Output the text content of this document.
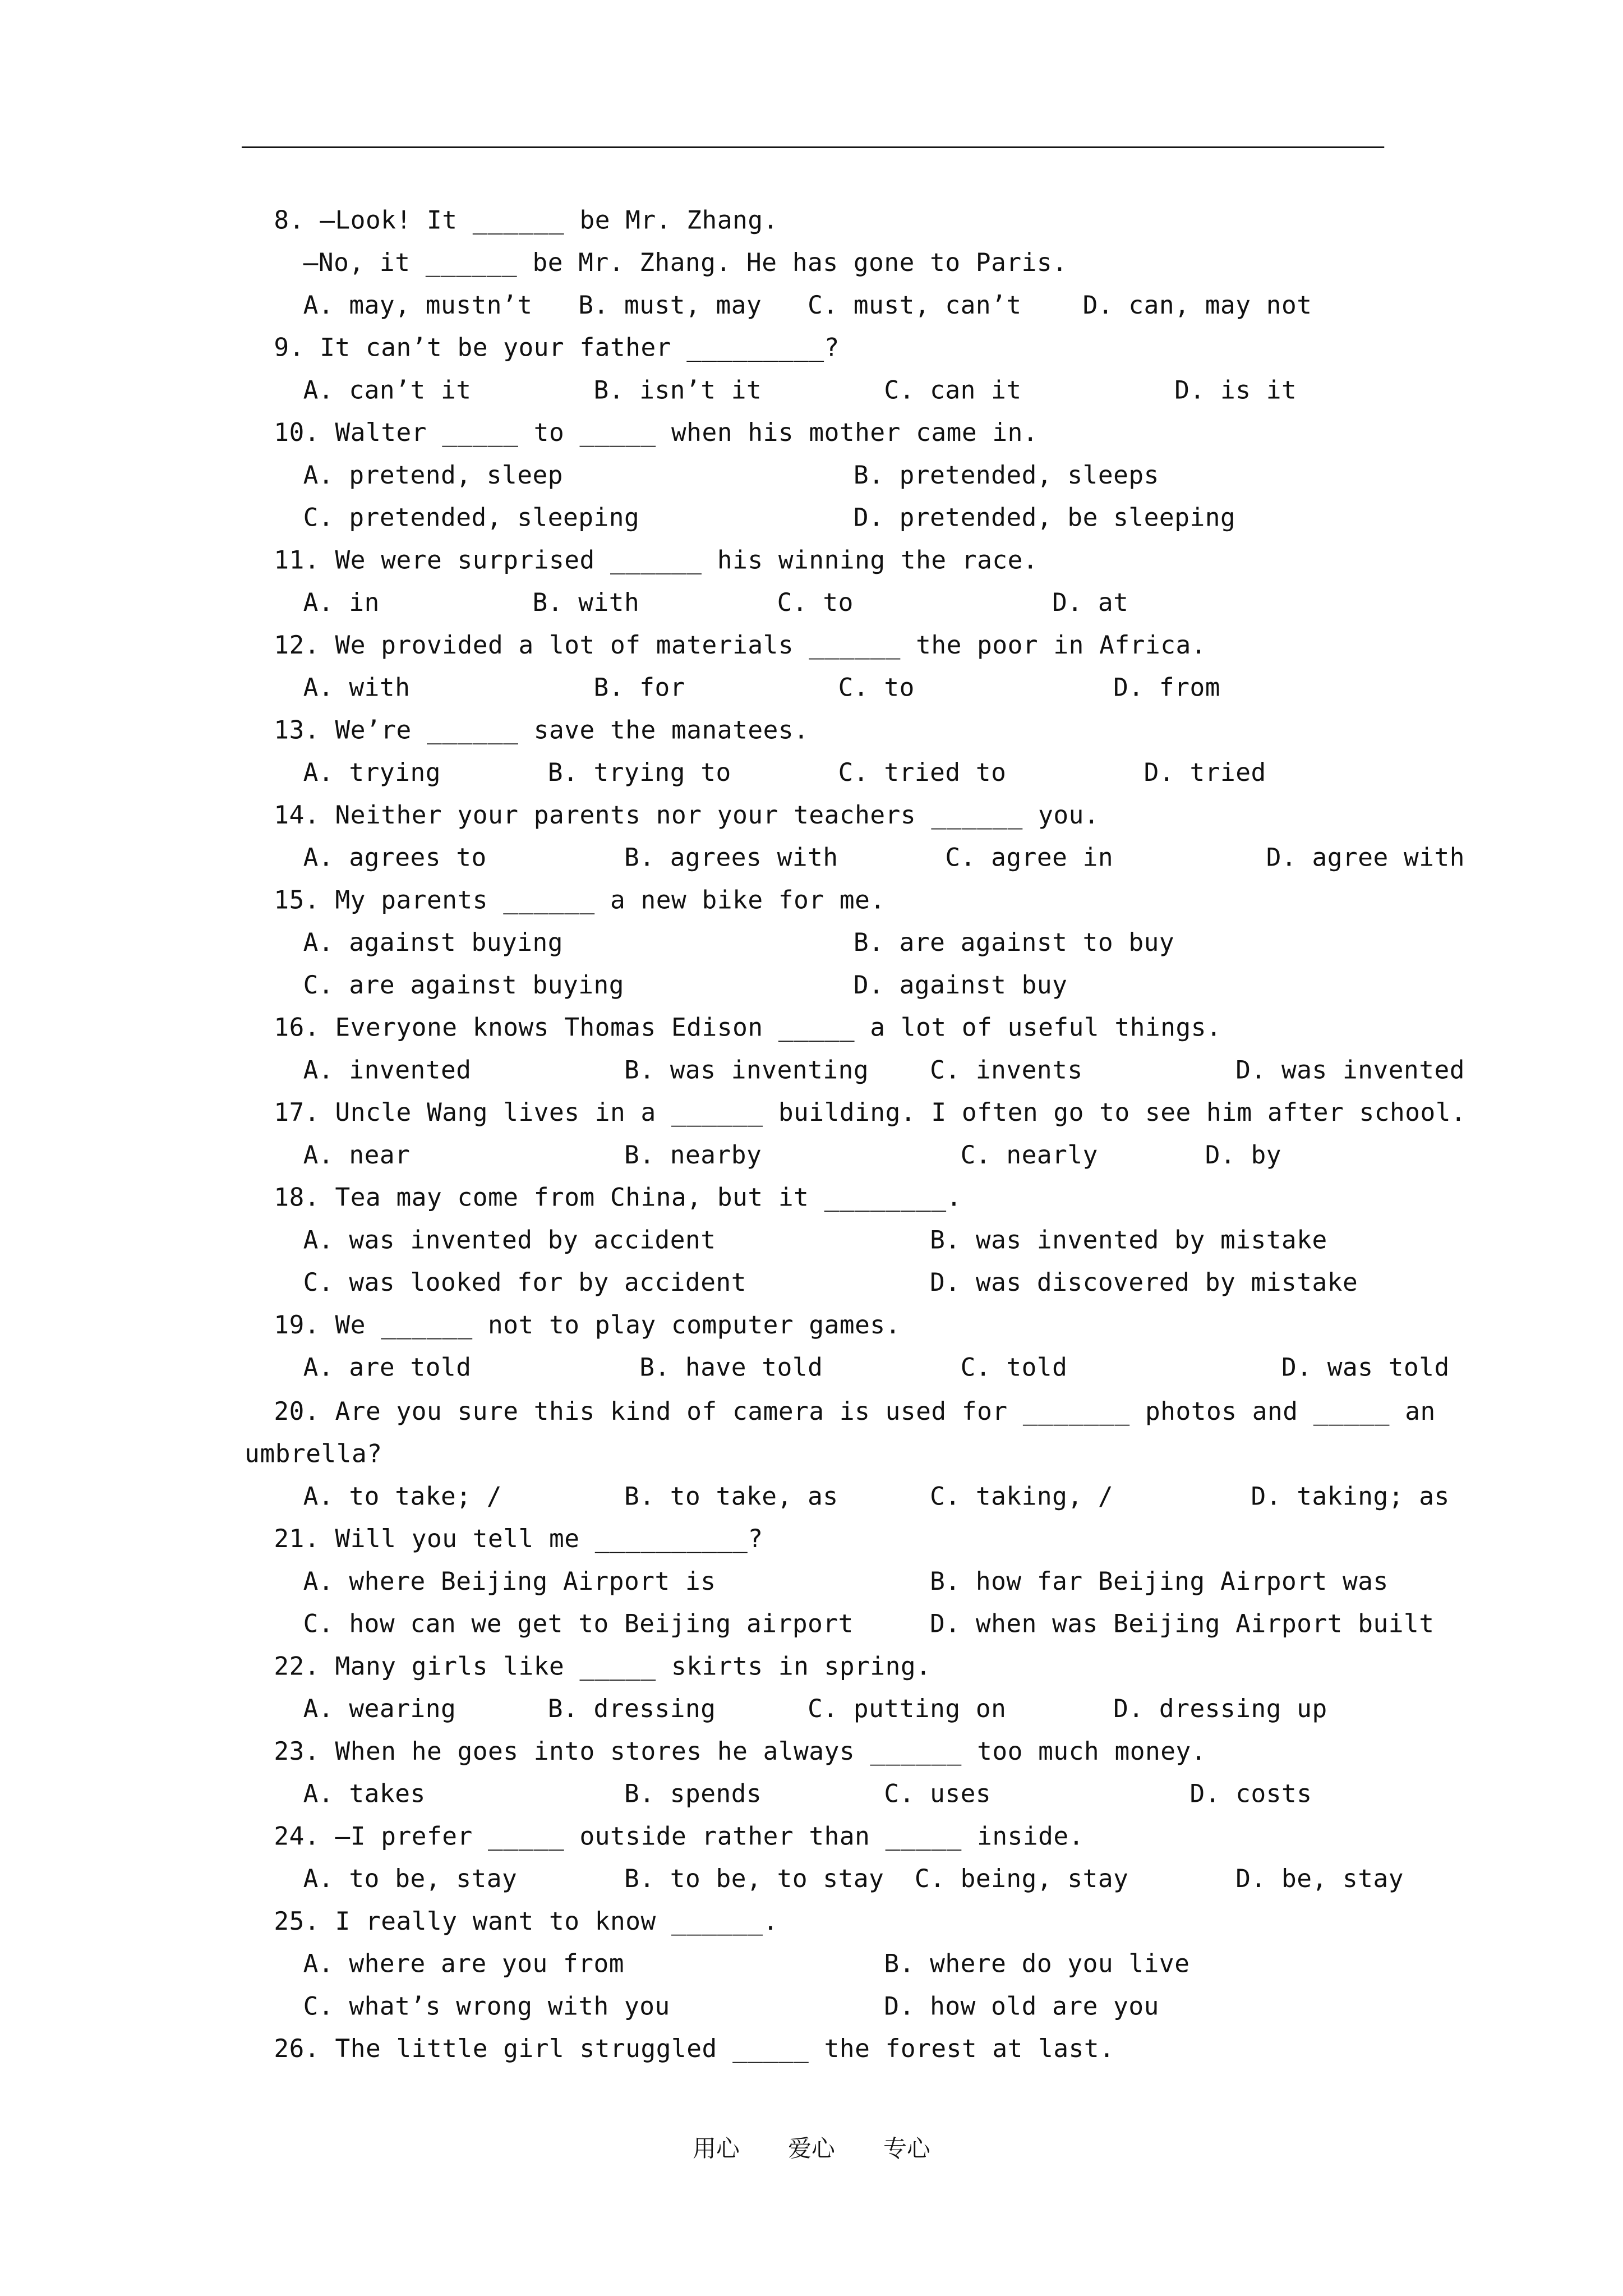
8. —Look! It ______ be Mr. Zhang.
—No, it ______ be Mr. Zhang. He has gone to Paris.
A. may, mustn’t   B. must, may   C. must, can’t    D. can, may not
9. It can’t be your father _________?
A. can’t it        B. isn’t it        C. can it          D. is it
10. Walter _____ to _____ when his mother came in.
A. pretend, sleep                   B. pretended, sleeps
C. pretended, sleeping              D. pretended, be sleeping
11. We were surprised ______ his winning the race.
A. in          B. with         C. to             D. at
12. We provided a lot of materials ______ the poor in Africa.
A. with            B. for          C. to             D. from
13. We’re ______ save the manatees.
A. trying       B. trying to       C. tried to         D. tried
14. Neither your parents nor your teachers ______ you.
A. agrees to         B. agrees with       C. agree in          D. agree with
15. My parents ______ a new bike for me.
A. against buying                   B. are against to buy
C. are against buying               D. against buy
16. Everyone knows Thomas Edison _____ a lot of useful things.
A. invented          B. was inventing    C. invents          D. was invented
17. Uncle Wang lives in a ______ building. I often go to see him after school.
A. near              B. nearby             C. nearly       D. by
18. Tea may come from China, but it ________.
A. was invented by accident              B. was invented by mistake
C. was looked for by accident            D. was discovered by mistake
19. We ______ not to play computer games.
A. are told           B. have told         C. told              D. was told
20. Are you sure this kind of camera is used for _______ photos and _____ an
umbrella?
A. to take; /        B. to take, as      C. taking, /         D. taking; as
21. Will you tell me __________?
A. where Beijing Airport is              B. how far Beijing Airport was
C. how can we get to Beijing airport     D. when was Beijing Airport built
22. Many girls like _____ skirts in spring.
A. wearing      B. dressing      C. putting on       D. dressing up
23. When he goes into stores he always ______ too much money.
A. takes             B. spends        C. uses             D. costs
24. —I prefer _____ outside rather than _____ inside.
A. to be, stay       B. to be, to stay  C. being, stay       D. be, stay
25. I really want to know ______.
A. where are you from                 B. where do you live
C. what’s wrong with you              D. how old are you
26. The little girl struggled _____ the forest at last.
用心 爱心 专心
